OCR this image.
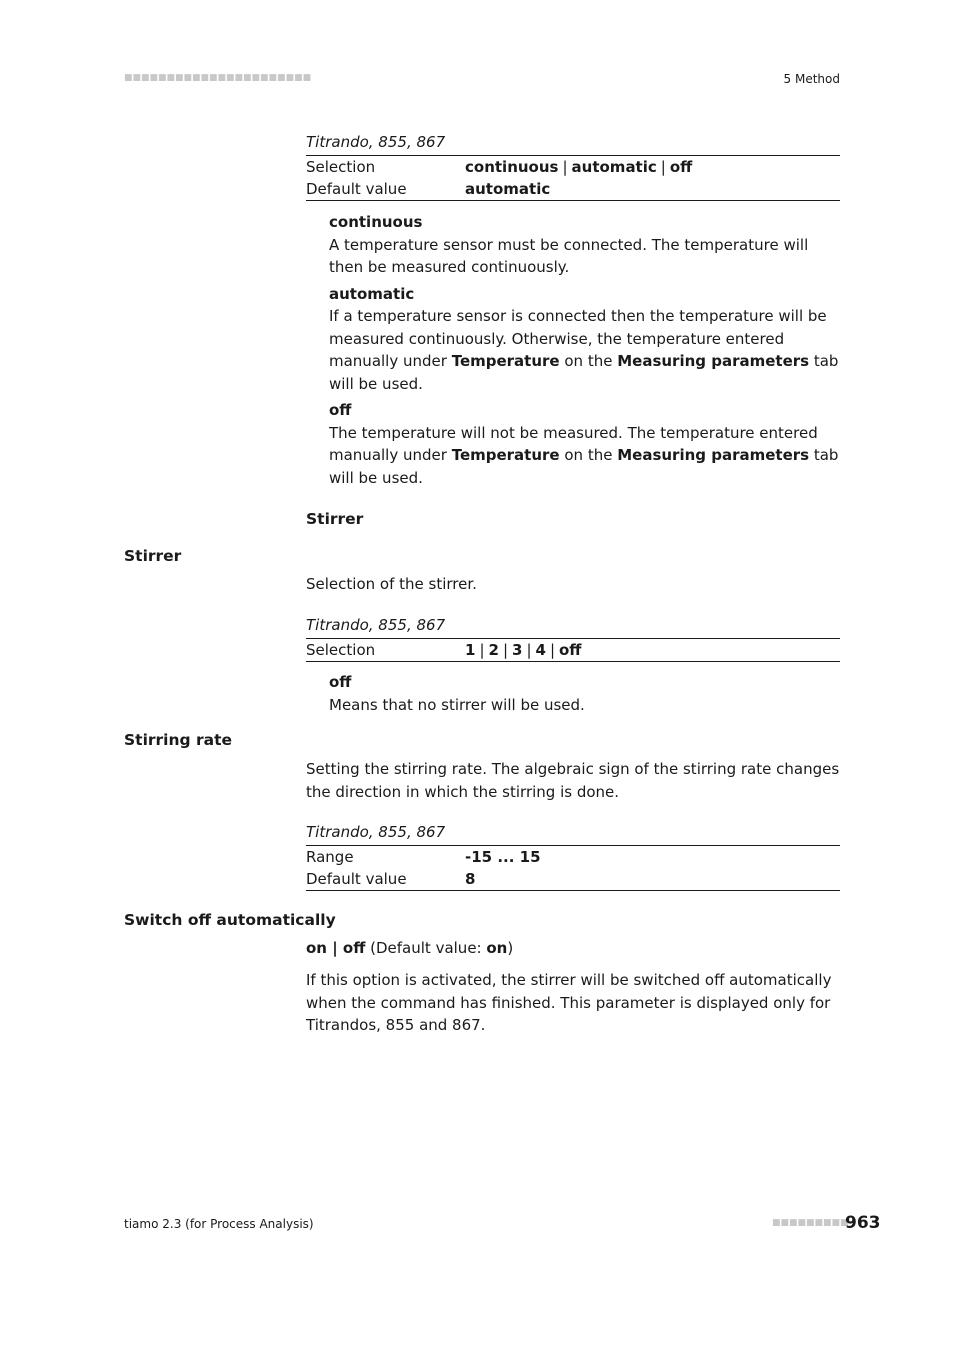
■■■■■■■■■■■■■■■■■■■■■■	5 Method
Titrando, 855, 867
Selection	continuous | automatic | off
Default value	automatic
continuous
A temperature sensor must be connected. The temperature will then be measured continuously.
automatic
If a temperature sensor is connected then the temperature will be measured continuously. Otherwise, the temperature entered manually under Temperature on the Measuring parameters tab will be used.
off
The temperature will not be measured. The temperature entered manually under Temperature on the Measuring parameters tab will be used.
Stirrer
Stirrer
Selection of the stirrer.
Titrando, 855, 867
Selection	1 | 2 | 3 | 4 | off
off
Means that no stirrer will be used.
Stirring rate
Setting the stirring rate. The algebraic sign of the stirring rate changes the direction in which the stirring is done.
Titrando, 855, 867
Range	-15 ... 15
Default value	8
Switch off automatically
on | off (Default value: on)
If this option is activated, the stirrer will be switched off automatically when the command has finished. This parameter is displayed only for Titrandos, 855 and 867.
tiamo 2.3 (for Process Analysis)	■■■■■■■■■
963
